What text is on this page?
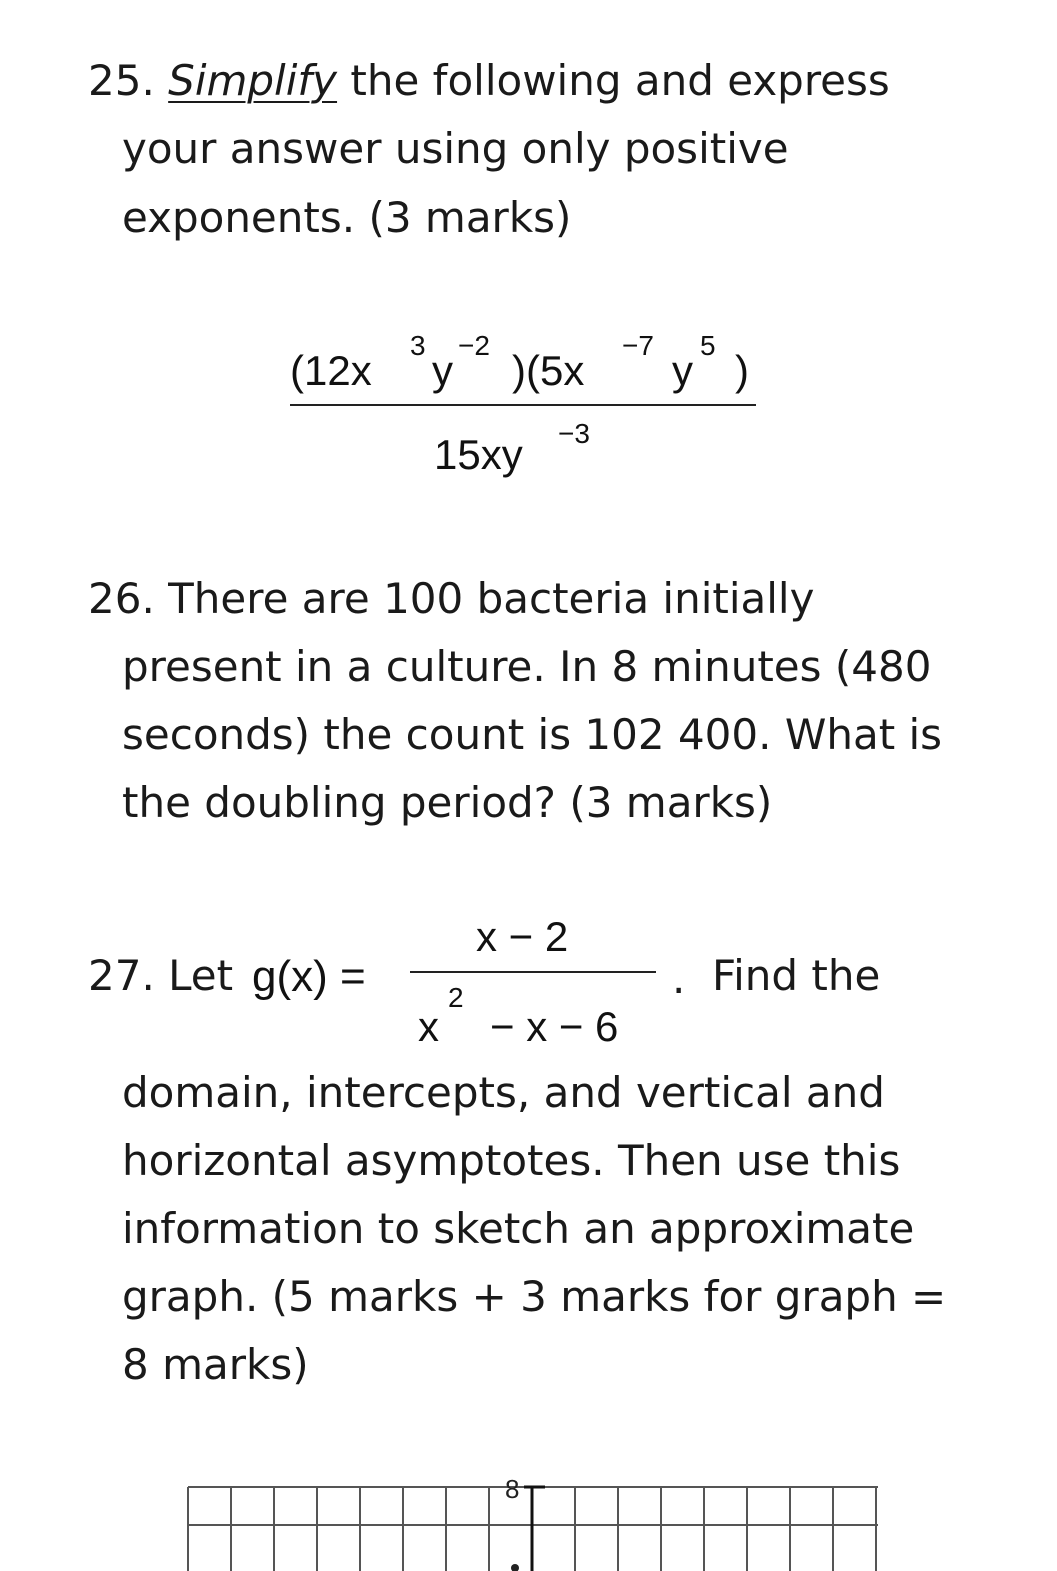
25. Simplify the following and express
your answer using only positive
exponents. (3 marks)
(12x
3
y
−2
)(5x
−7
y
5
)
15xy −3
26. There are 100 bacteria initially
present in a culture. In 8 minutes (480
seconds) the count is 102 400. What is
the doubling period? (3 marks)
27. Let g(x) =
x − 2
x
2
− x − 6
. Find the
domain, intercepts, and vertical and
horizontal asymptotes. Then use this
information to sketch an approximate
graph. (5 marks + 3 marks for graph =
8 marks)
8
